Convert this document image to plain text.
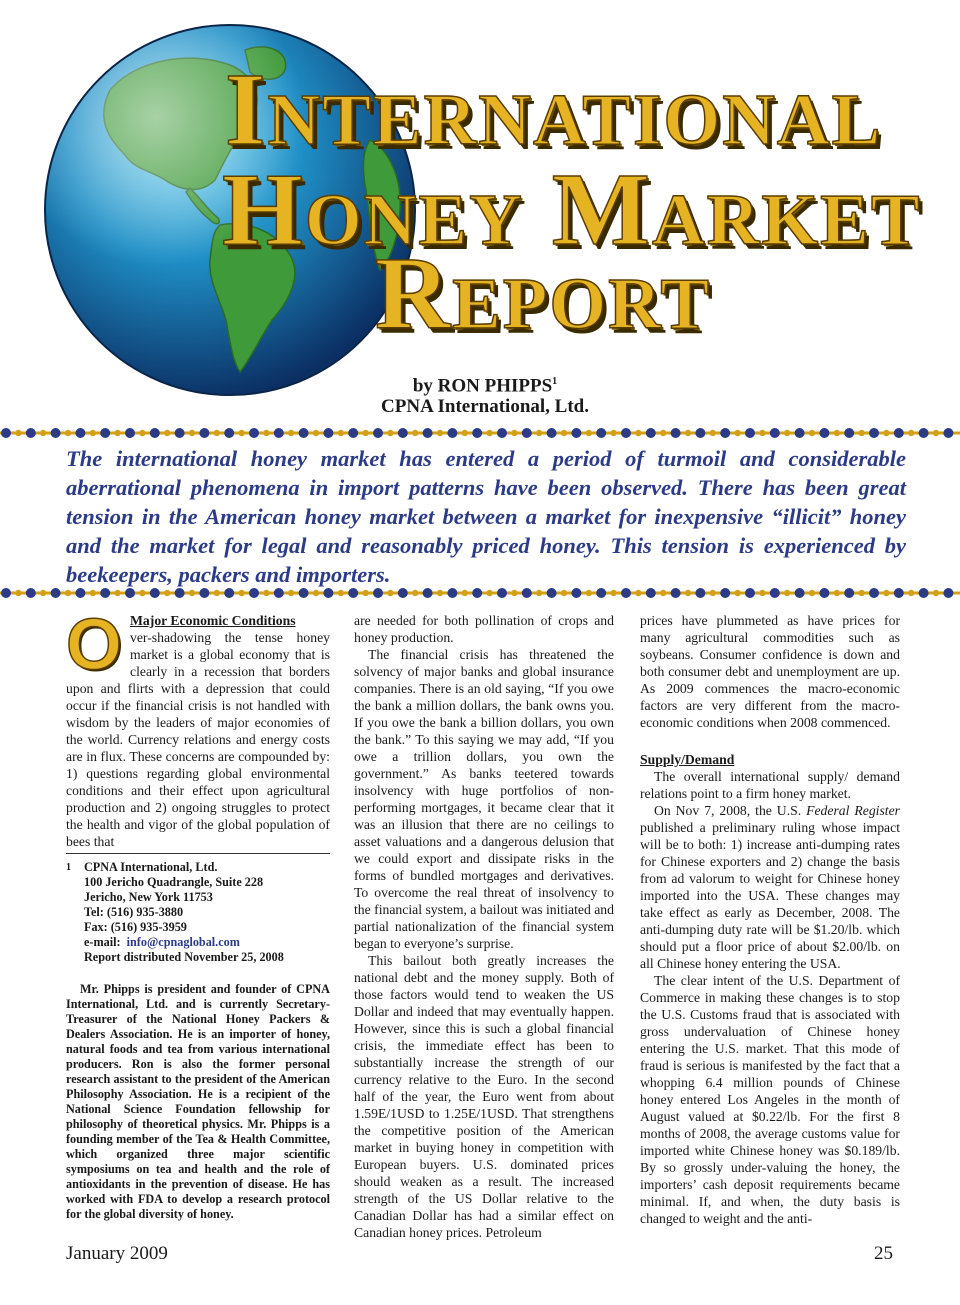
International
Honey Market
Report
by RON PHIPPS$^1$
CPNA International, Ltd.
The international honey market has entered a period of turmoil and considerable aberrational phenomena in import patterns have been observed. There has been great tension in the American honey market between a market for inexpensive “illicit” honey and the market for legal and reasonably priced honey. This tension is experienced by beekeepers, packers and importers.
O Major Economic Conditions

ver-shadowing the tense honey market is a global economy that is clearly in a recession that borders upon and flirts with a depression that could occur if the financial crisis is not handled with wisdom by the leaders of major economies of the world. Currency relations and energy costs are in flux. These concerns are compounded by: 1) questions regarding global environmental conditions and their effect upon agricultural production and 2) ongoing struggles to protect the health and vigor of the global population of bees that

1 CPNA International, Ltd.
100 Jericho Quadrangle, Suite 228
Jericho, New York 11753
Tel: (516) 935-3880
Fax: (516) 935-3959
e-mail: info@cpnaglobal.com
Report distributed November 25, 2008
Mr. Phipps is president and founder of CPNA International, Ltd. and is currently Secretary-Treasurer of the National Honey Packers & Dealers Association. He is an importer of honey, natural foods and tea from various international producers. Ron is also the former personal research assistant to the president of the American Philosophy Association. He is a recipient of the National Science Foundation fellowship for philosophy of theoretical physics. Mr. Phipps is a founding member of the Tea & Health Committee, which organized three major scientific symposiums on tea and health and the role of antioxidants in the prevention of disease. He has worked with FDA to develop a research protocol for the global diversity of honey.

are needed for both pollination of crops and honey production.

The financial crisis has threatened the solvency of major banks and global insurance companies. There is an old saying, “If you owe the bank a million dollars, the bank owns you. If you owe the bank a billion dollars, you own the bank.” To this saying we may add, “If you owe a trillion dollars, you own the government.” As banks teetered towards insolvency with huge portfolios of non-performing mortgages, it became clear that it was an illusion that there are no ceilings to asset valuations and a dangerous delusion that we could export and dissipate risks in the forms of bundled mortgages and derivatives. To overcome the real threat of insolvency to the financial system, a bailout was initiated and partial nationalization of the financial system began to everyone’s surprise.

This bailout both greatly increases the national debt and the money supply. Both of those factors would tend to weaken the US Dollar and indeed that may eventually happen. However, since this is such a global financial crisis, the immediate effect has been to substantially increase the strength of our currency relative to the Euro. In the second half of the year, the Euro went from about 1.59E/1USD to 1.25E/1USD. That strengthens the competitive position of the American market in buying honey in competition with European buyers. U.S. dominated prices should weaken as a result. The increased strength of the US Dollar relative to the Canadian Dollar has had a similar effect on Canadian honey prices. Petroleum

prices have plummeted as have prices for many agricultural commodities such as soybeans. Consumer confidence is down and both consumer debt and unemployment are up. As 2009 commences the macro-economic factors are very different from the macro-economic conditions when 2008 commenced.

Supply/Demand

The overall international supply/ demand relations point to a firm honey market.

On Nov 7, 2008, the U.S. Federal Register published a preliminary ruling whose impact will be to both: 1) increase anti-dumping rates for Chinese exporters and 2) change the basis from ad valorum to weight for Chinese honey imported into the USA. These changes may take effect as early as December, 2008. The anti-dumping duty rate will be $1.20/lb. which should put a floor price of about $2.00/lb. on all Chinese honey entering the USA.

The clear intent of the U.S. Department of Commerce in making these changes is to stop the U.S. Customs fraud that is associated with gross undervaluation of Chinese honey entering the U.S. market. That this mode of fraud is serious is manifested by the fact that a whopping 6.4 million pounds of Chinese honey entered Los Angeles in the month of August valued at $0.22/lb. For the first 8 months of 2008, the average customs value for imported white Chinese honey was $0.189/lb. By so grossly under-valuing the honey, the importers’ cash deposit requirements became minimal. If, and when, the duty basis is changed to weight and the anti-

January 2009	25
